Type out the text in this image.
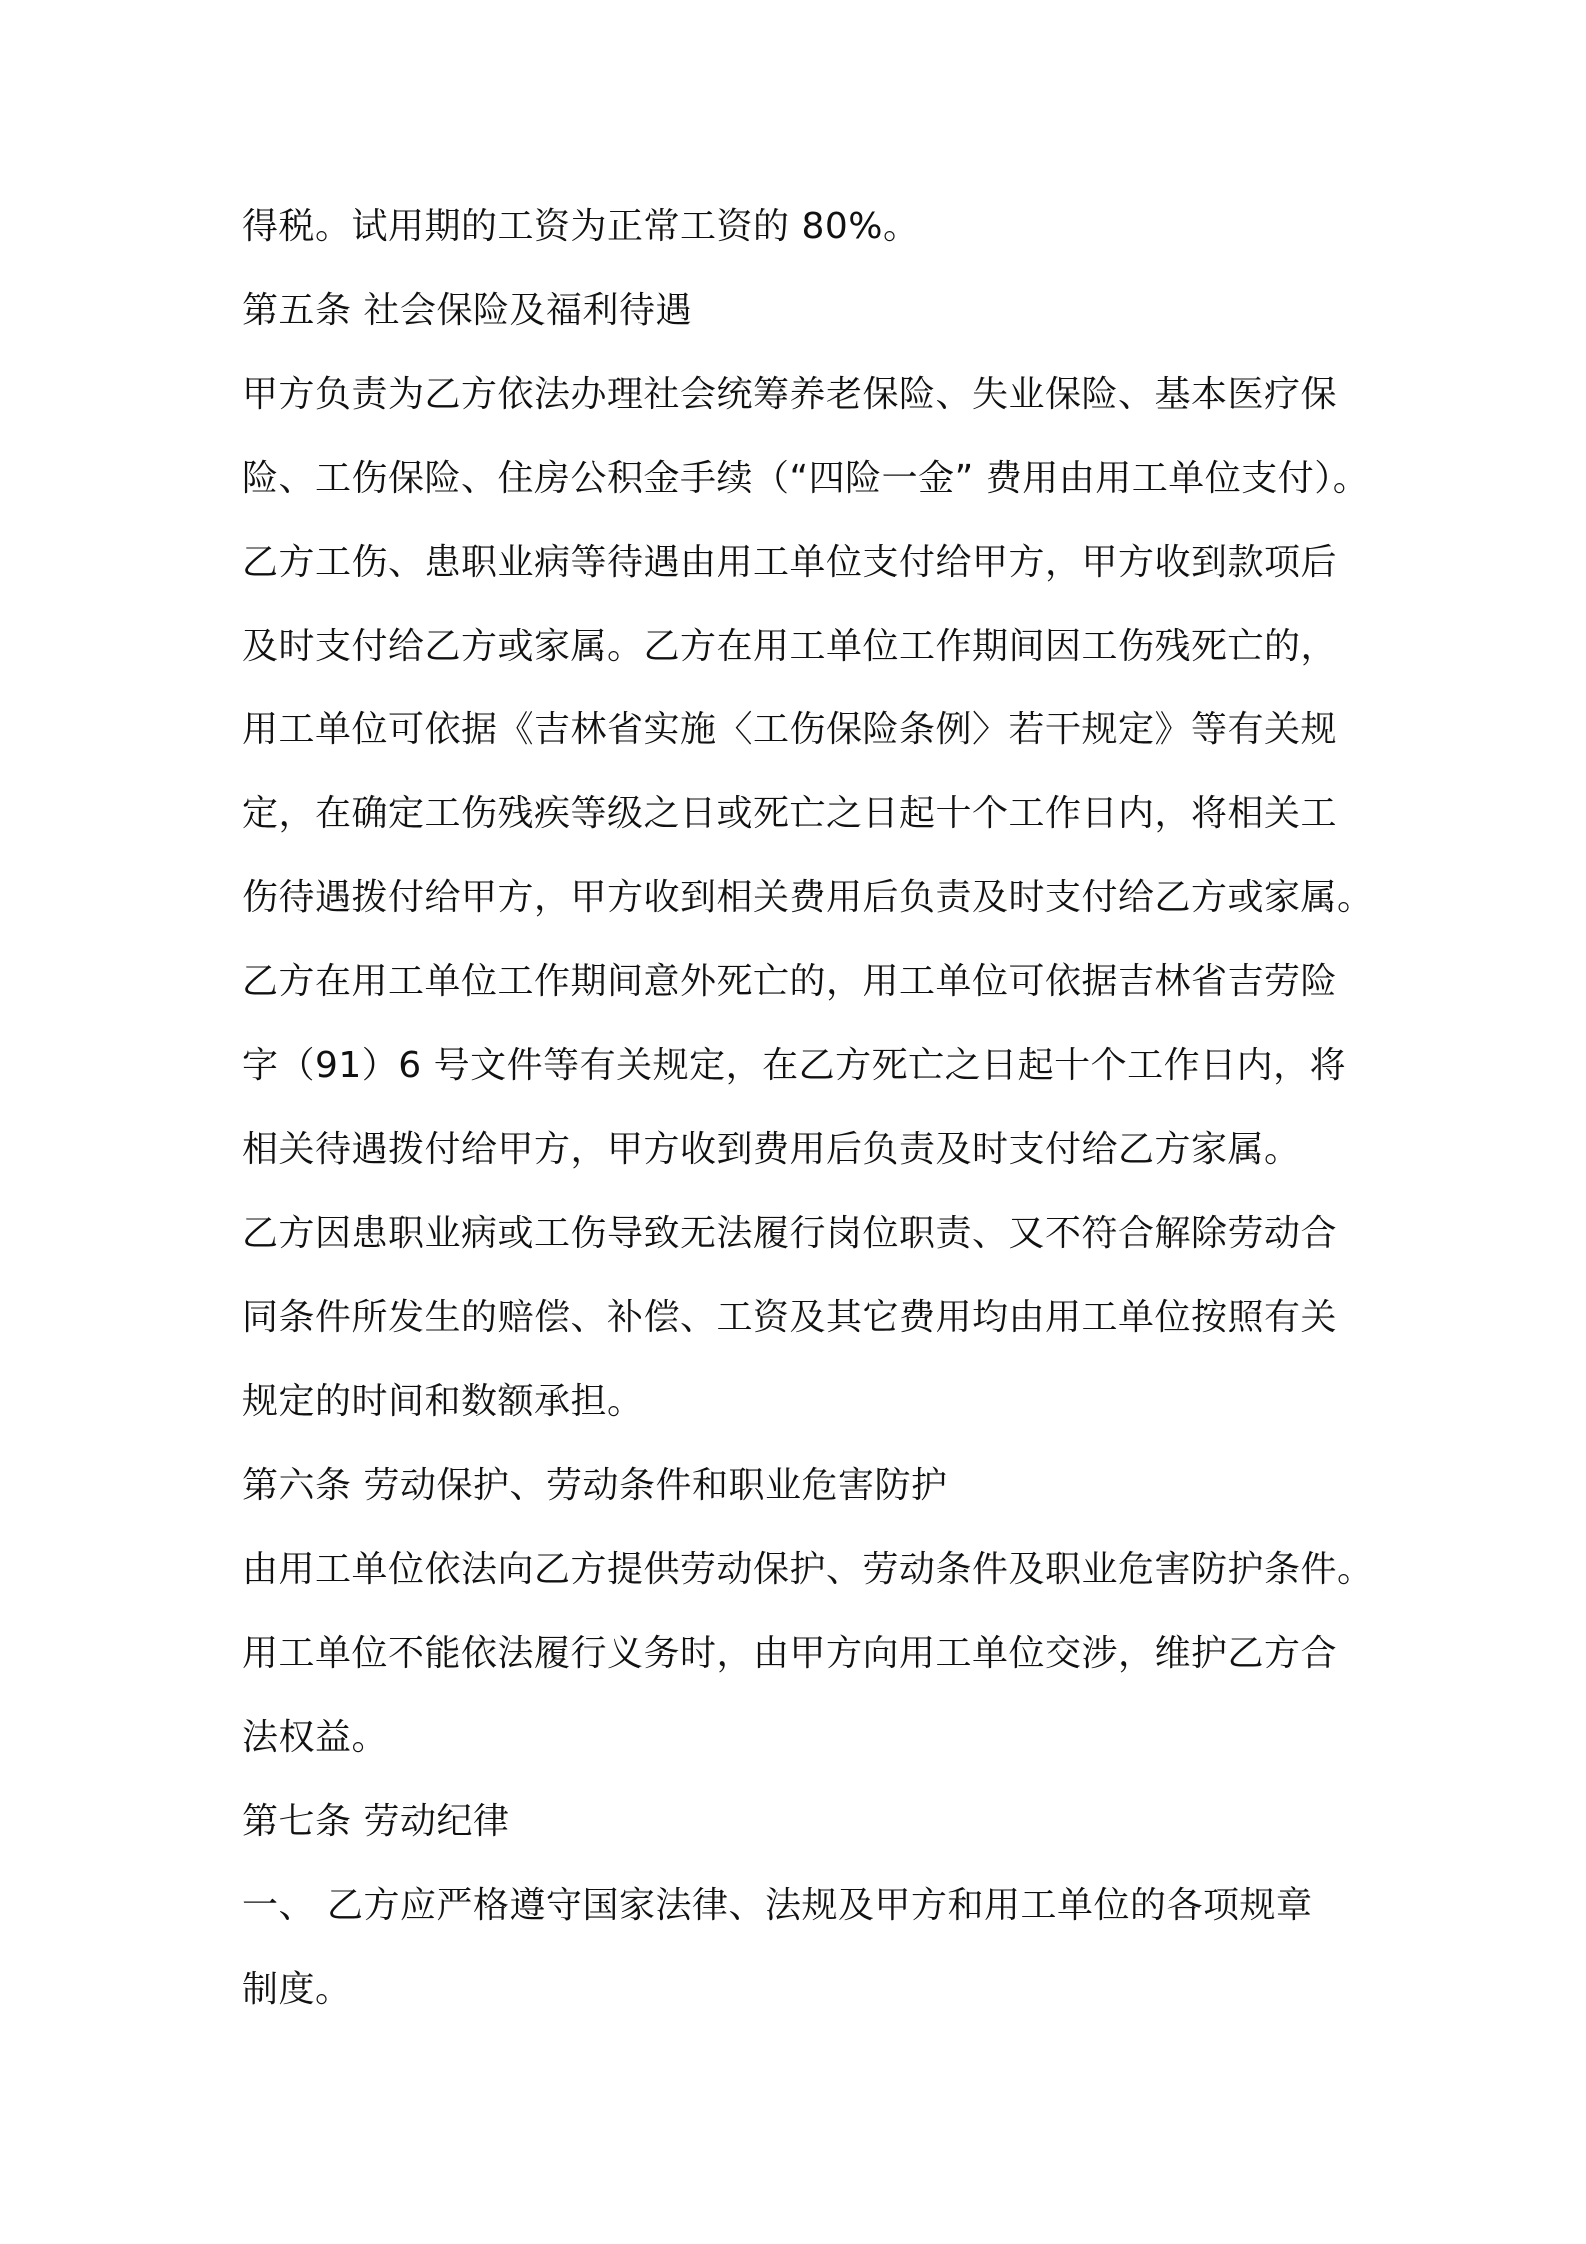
得税。试用期的工资为正常工资的 80%。

第五条 社会保险及福利待遇

甲方负责为乙方依法办理社会统筹养老保险、失业保险、基本医疗保

险、工伤保险、住房公积金手续（“四险一金” 费用由用工单位支付）。

乙方工伤、患职业病等待遇由用工单位支付给甲方，甲方收到款项后

及时支付给乙方或家属。乙方在用工单位工作期间因工伤残死亡的，

用工单位可依据《吉林省实施〈工伤保险条例〉若干规定》等有关规

定，在确定工伤残疾等级之日或死亡之日起十个工作日内，将相关工

伤待遇拨付给甲方，甲方收到相关费用后负责及时支付给乙方或家属。

乙方在用工单位工作期间意外死亡的，用工单位可依据吉林省吉劳险

字（91）6 号文件等有关规定，在乙方死亡之日起十个工作日内，将

相关待遇拨付给甲方，甲方收到费用后负责及时支付给乙方家属。

乙方因患职业病或工伤导致无法履行岗位职责、又不符合解除劳动合

同条件所发生的赔偿、补偿、工资及其它费用均由用工单位按照有关

规定的时间和数额承担。

第六条 劳动保护、劳动条件和职业危害防护

由用工单位依法向乙方提供劳动保护、劳动条件及职业危害防护条件。

用工单位不能依法履行义务时，由甲方向用工单位交涉，维护乙方合

法权益。

第七条 劳动纪律

一、 乙方应严格遵守国家法律、法规及甲方和用工单位的各项规章

制度。
